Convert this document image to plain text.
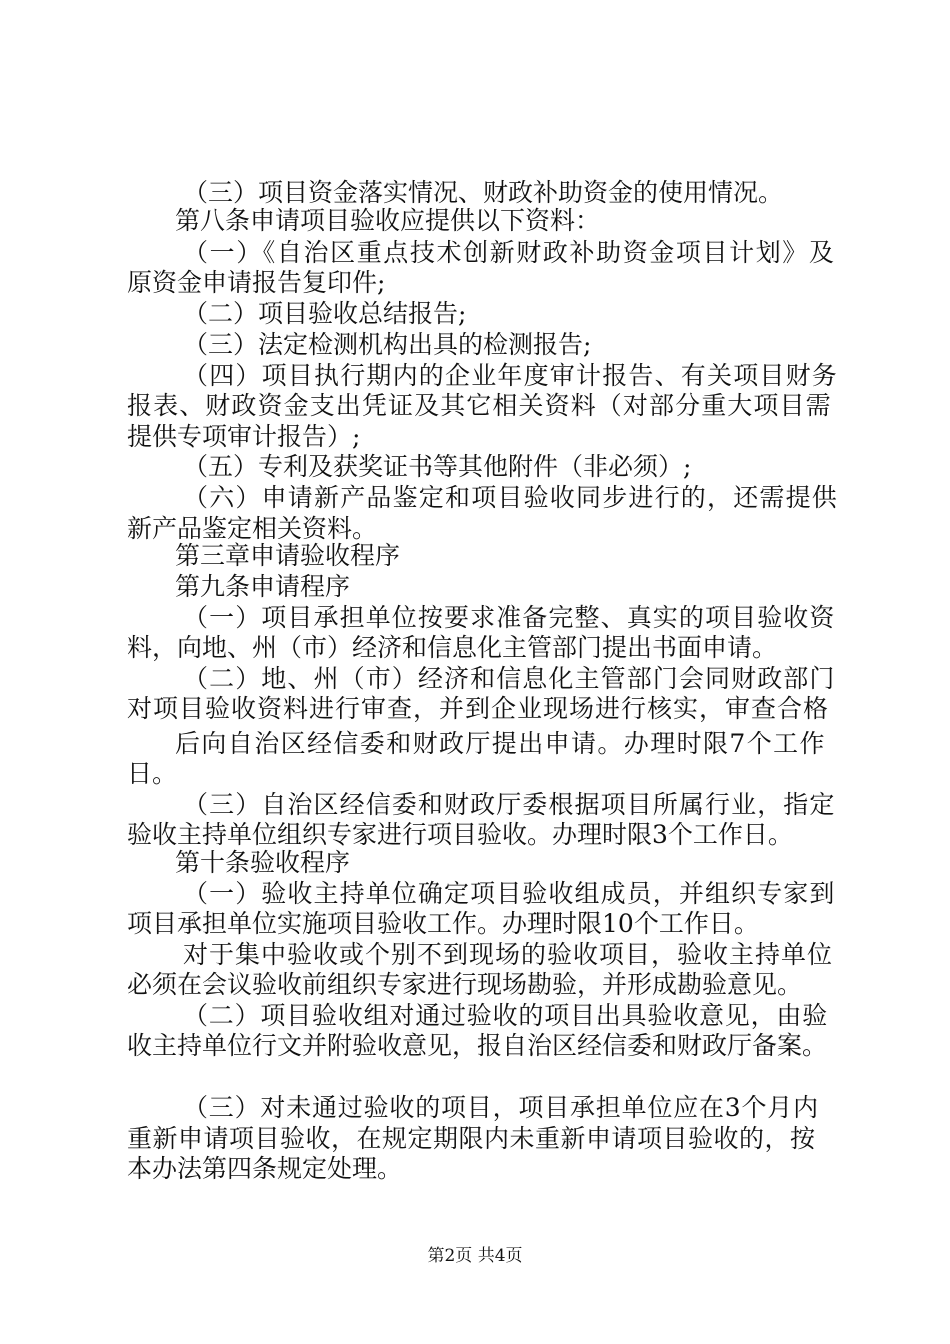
（三）项目资金落实情况、财政补助资金的使用情况。

第八条申请项目验收应提供以下资料：

（一）《自治区重点技术创新财政补助资金项目计划》及

原资金申请报告复印件;

（二）项目验收总结报告;

（三）法定检测机构出具的检测报告;

（四）项目执行期内的企业年度审计报告、有关项目财务

报表、财政资金支出凭证及其它相关资料（对部分重大项目需

提供专项审计报告）;

（五）专利及获奖证书等其他附件（非必须）;

（六）申请新产品鉴定和项目验收同步进行的，还需提供

新产品鉴定相关资料。

第三章申请验收程序

第九条申请程序

（一）项目承担单位按要求准备完整、真实的项目验收资

料，向地、州（市）经济和信息化主管部门提出书面申请。

（二）地、州（市）经济和信息化主管部门会同财政部门

对项目验收资料进行审查，并到企业现场进行核实，审查合格

后向自治区经信委和财政厅提出申请。办理时限7个工作

日。

（三）自治区经信委和财政厅委根据项目所属行业，指定

验收主持单位组织专家进行项目验收。办理时限3个工作日。

第十条验收程序

（一）验收主持单位确定项目验收组成员，并组织专家到

项目承担单位实施项目验收工作。办理时限10个工作日。

对于集中验收或个别不到现场的验收项目，验收主持单位

必须在会议验收前组织专家进行现场勘验，并形成勘验意见。

（二）项目验收组对通过验收的项目出具验收意见，由验

收主持单位行文并附验收意见，报自治区经信委和财政厅备案。

（三）对未通过验收的项目，项目承担单位应在3个月内

重新申请项目验收，在规定期限内未重新申请项目验收的，按

本办法第四条规定处理。

第2页 共4页
